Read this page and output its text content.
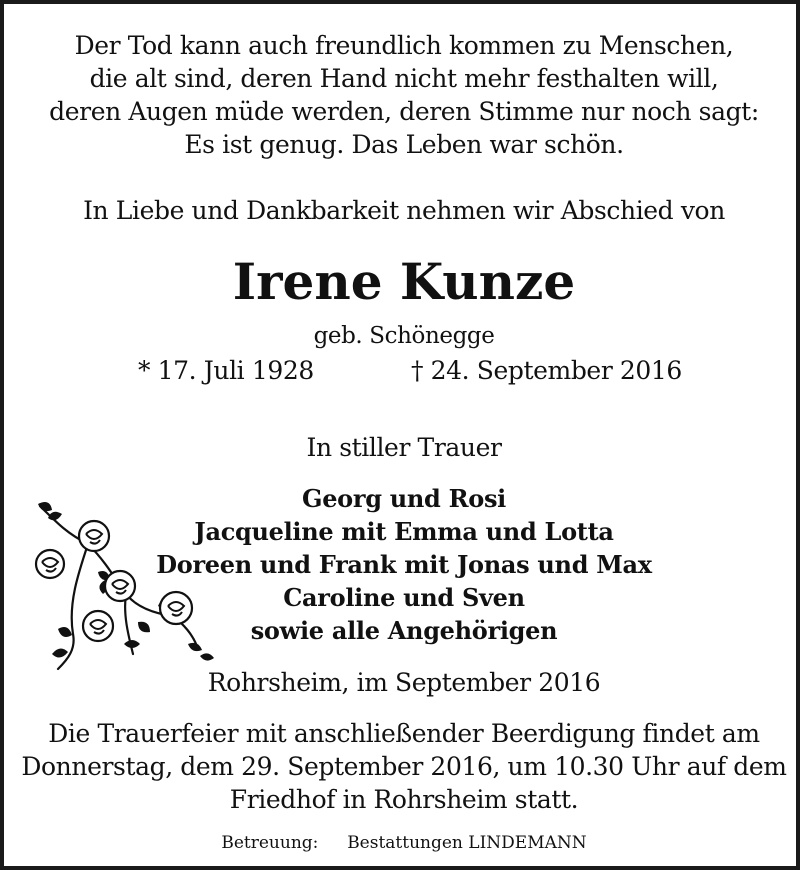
Der Tod kann auch freundlich kommen zu Menschen,
die alt sind, deren Hand nicht mehr festhalten will,
deren Augen müde werden, deren Stimme nur noch sagt:
Es ist genug. Das Leben war schön.
In Liebe und Dankbarkeit nehmen wir Abschied von
Irene Kunze
geb. Schönegge
* 17. Juli 1928	† 24. September 2016
In stiller Trauer
Georg und Rosi
Jacqueline mit Emma und Lotta
Doreen und Frank mit Jonas und Max
Caroline und Sven
sowie alle Angehörigen
Rohrsheim, im September 2016
Die Trauerfeier mit anschließender Beerdigung findet am
Donnerstag, dem 29. September 2016, um 10.30 Uhr auf dem
Friedhof in Rohrsheim statt.
Betreuung: Bestattungen LINDEMANN
